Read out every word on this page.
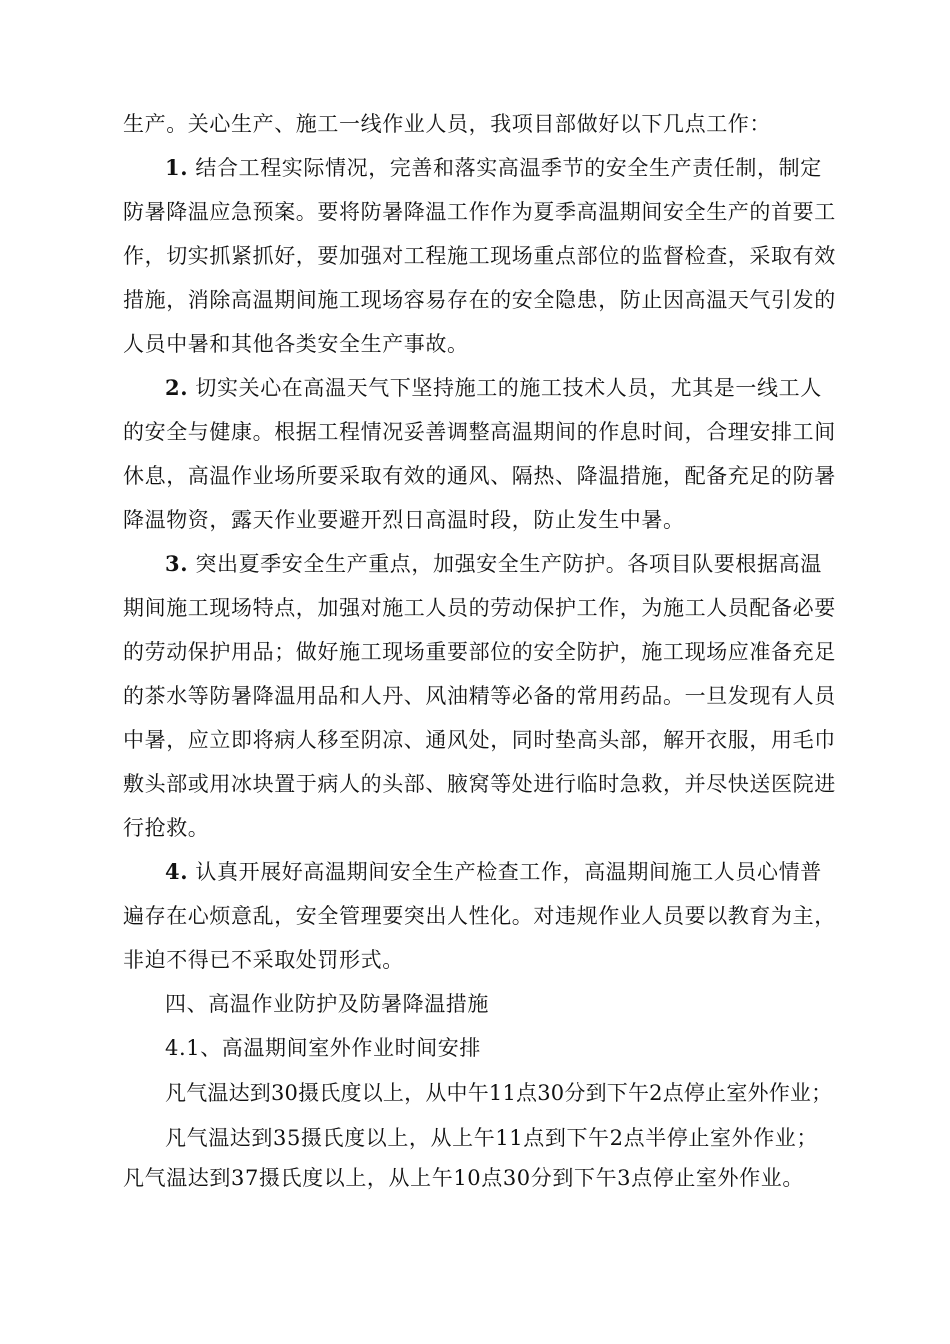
生产。关心生产、施工一线作业人员，我项目部做好以下几点工作：
1. 结合工程实际情况，完善和落实高温季节的安全生产责任制，制定
防暑降温应急预案。要将防暑降温工作作为夏季高温期间安全生产的首要工
作，切实抓紧抓好，要加强对工程施工现场重点部位的监督检查，采取有效
措施，消除高温期间施工现场容易存在的安全隐患，防止因高温天气引发的
人员中暑和其他各类安全生产事故。
2. 切实关心在高温天气下坚持施工的施工技术人员，尤其是一线工人
的安全与健康。根据工程情况妥善调整高温期间的作息时间，合理安排工间
休息，高温作业场所要采取有效的通风、隔热、降温措施，配备充足的防暑
降温物资，露天作业要避开烈日高温时段，防止发生中暑。
3. 突出夏季安全生产重点，加强安全生产防护。各项目队要根据高温
期间施工现场特点，加强对施工人员的劳动保护工作，为施工人员配备必要
的劳动保护用品；做好施工现场重要部位的安全防护，施工现场应准备充足
的茶水等防暑降温用品和人丹、风油精等必备的常用药品。一旦发现有人员
中暑，应立即将病人移至阴凉、通风处，同时垫高头部，解开衣服，用毛巾
敷头部或用冰块置于病人的头部、腋窝等处进行临时急救，并尽快送医院进
行抢救。
4. 认真开展好高温期间安全生产检查工作，高温期间施工人员心情普
遍存在心烦意乱，安全管理要突出人性化。对违规作业人员要以教育为主，
非迫不得已不采取处罚形式。
四、高温作业防护及防暑降温措施
4.1、高温期间室外作业时间安排
凡气温达到30摄氏度以上，从中午11点30分到下午2点停止室外作业；
凡气温达到35摄氏度以上，从上午11点到下午2点半停止室外作业；
凡气温达到37摄氏度以上，从上午10点30分到下午3点停止室外作业。
